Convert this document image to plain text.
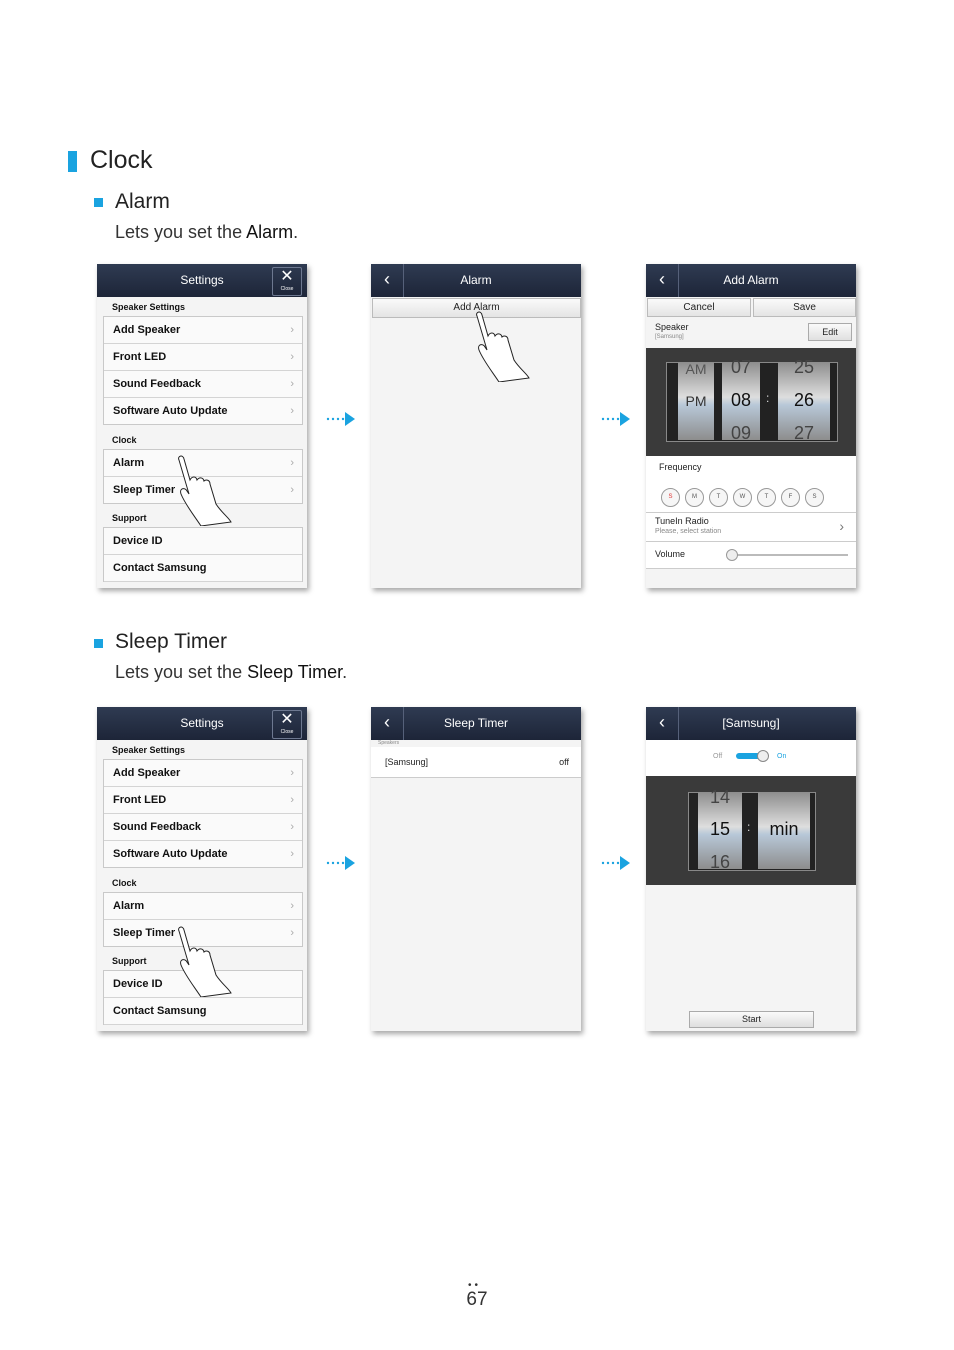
Clock
Alarm
Lets you set the Alarm.
Settings	✕
Close
Speaker Settings
Add Speaker	›
Front LED	›
Sound Feedback	›
Software Auto Update	›
Clock
Alarm	›
Sleep Timer	›
Support
Device ID
Contact Samsung
Alarm
‹
Add Alarm
Add Alarm
‹
Cancel	Save
Speaker
[Samsung]	Edit
AM
PM
07
08
09
:
25
26
27
Frequency
S	M	T	W	T	F	S
TuneIn Radio
Please, select station	›
Volume
Sleep Timer
Lets you set the Sleep Timer.
Settings	✕
Close
Speaker Settings
Add Speaker	›
Front LED	›
Sound Feedback	›
Software Auto Update	›
Clock
Alarm	›
Sleep Timer	›
Support
Device ID
Contact Samsung
Sleep Timer
‹
Speakers
[Samsung]	off
[Samsung]
‹
Off	On
14
15
16
:	min
Start
••
67
